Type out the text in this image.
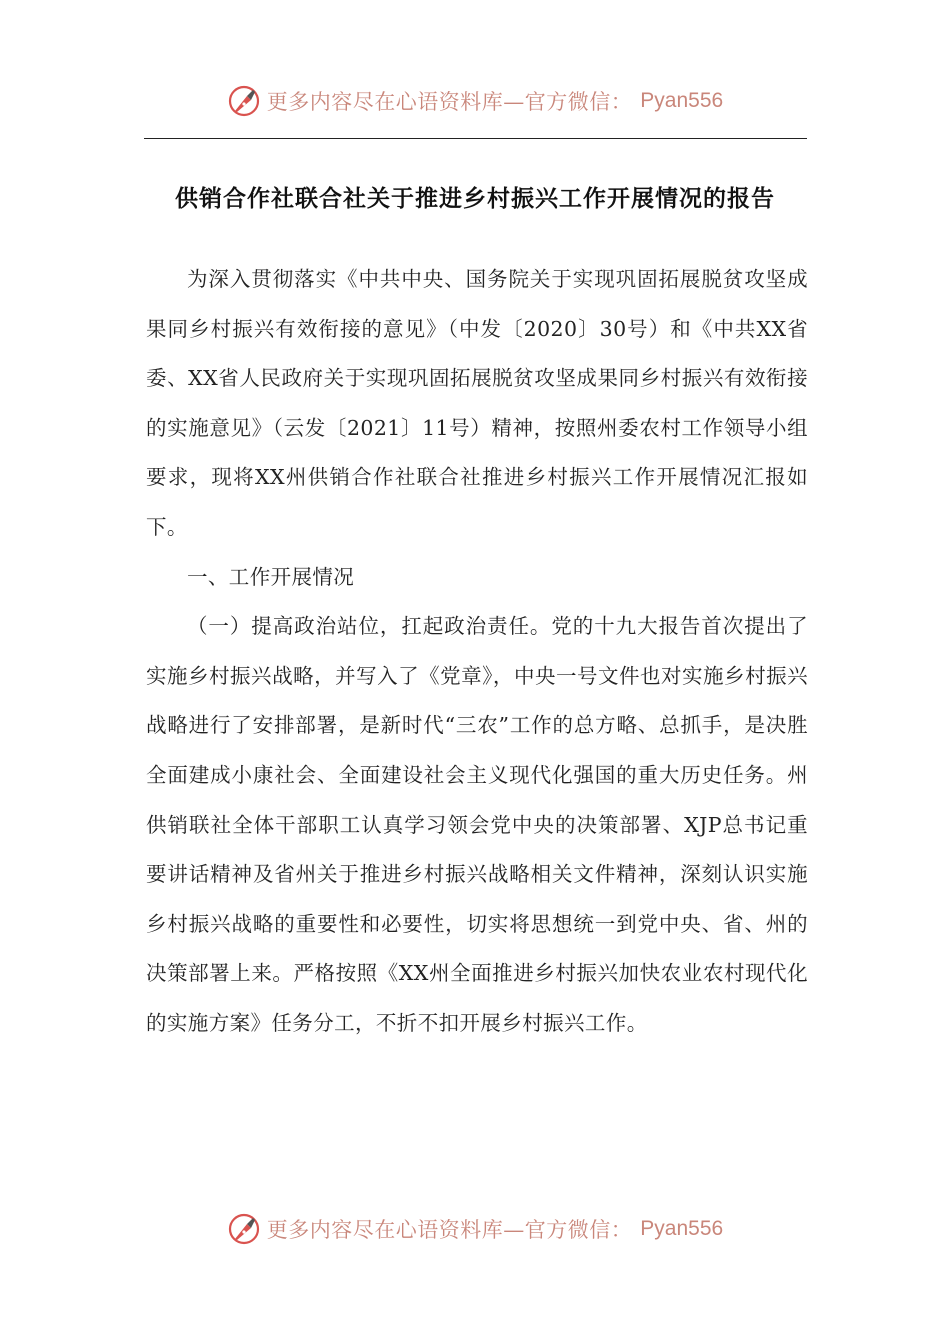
更多内容尽在心语资料库—官方微信： Pyan556
供销合作社联合社关于推进乡村振兴工作开展情况的报告

为深入贯彻落实《中共中央、国务院关于实现巩固拓展脱贫攻坚成果同乡村振兴有效衔接的意见》（中发〔2020〕30号）和《中共XX省委、XX省人民政府关于实现巩固拓展脱贫攻坚成果同乡村振兴有效衔接的实施意见》（云发〔2021〕11号）精神，按照州委农村工作领导小组要求，现将XX州供销合作社联合社推进乡村振兴工作开展情况汇报如下。

一、工作开展情况

（一）提高政治站位，扛起政治责任。党的十九大报告首次提出了实施乡村振兴战略，并写入了《党章》，中央一号文件也对实施乡村振兴战略进行了安排部署，是新时代“三农”工作的总方略、总抓手，是决胜全面建成小康社会、全面建设社会主义现代化强国的重大历史任务。州供销联社全体干部职工认真学习领会党中央的决策部署、XJP总书记重要讲话精神及省州关于推进乡村振兴战略相关文件精神，深刻认识实施乡村振兴战略的重要性和必要性，切实将思想统一到党中央、省、州的决策部署上来。严格按照《XX州全面推进乡村振兴加快农业农村现代化的实施方案》任务分工，不折不扣开展乡村振兴工作。

更多内容尽在心语资料库—官方微信： Pyan556
